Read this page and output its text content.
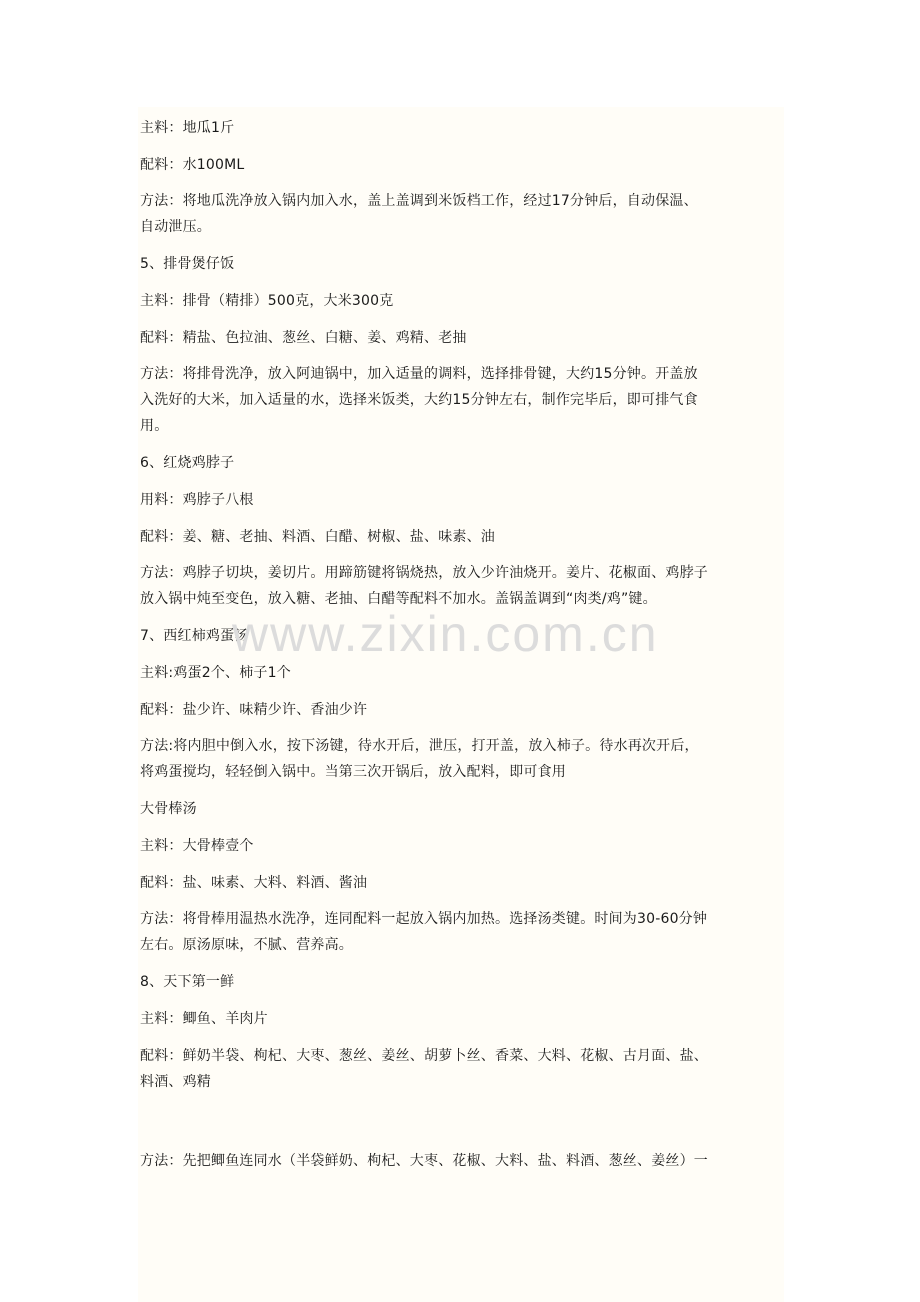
主料：地瓜1斤
配料：水100ML
方法：将地瓜洗净放入锅内加入水，盖上盖调到米饭档工作，经过17分钟后，自动保温、
自动泄压。
5、排骨煲仔饭
主料：排骨（精排）500克，大米300克
配料：精盐、色拉油、葱丝、白糖、姜、鸡精、老抽
方法：将排骨洗净，放入阿迪锅中，加入适量的调料，选择排骨键，大约15分钟。开盖放
入洗好的大米，加入适量的水，选择米饭类，大约15分钟左右，制作完毕后，即可排气食
用。
6、红烧鸡脖子
用料：鸡脖子八根
配料：姜、糖、老抽、料酒、白醋、树椒、盐、味素、油
方法：鸡脖子切块，姜切片。用蹄筋键将锅烧热，放入少许油烧开。姜片、花椒面、鸡脖子
放入锅中炖至变色，放入糖、老抽、白醋等配料不加水。盖锅盖调到“肉类/鸡”键。
7、西红柿鸡蛋汤
主料:鸡蛋2个、柿子1个
配料：盐少许、味精少许、香油少许
方法:将内胆中倒入水，按下汤键，待水开后，泄压，打开盖，放入柿子。待水再次开后，
将鸡蛋搅均，轻轻倒入锅中。当第三次开锅后，放入配料，即可食用
大骨棒汤
主料：大骨棒壹个
配料：盐、味素、大料、料酒、酱油
方法：将骨棒用温热水洗净，连同配料一起放入锅内加热。选择汤类键。时间为30-60分钟
左右。原汤原味，不腻、营养高。
8、天下第一鲜
主料：鲫鱼、羊肉片
配料：鲜奶半袋、枸杞、大枣、葱丝、姜丝、胡萝卜丝、香菜、大料、花椒、古月面、盐、
料酒、鸡精
方法：先把鲫鱼连同水（半袋鲜奶、枸杞、大枣、花椒、大料、盐、料酒、葱丝、姜丝）一
www.zixin.com.cn
